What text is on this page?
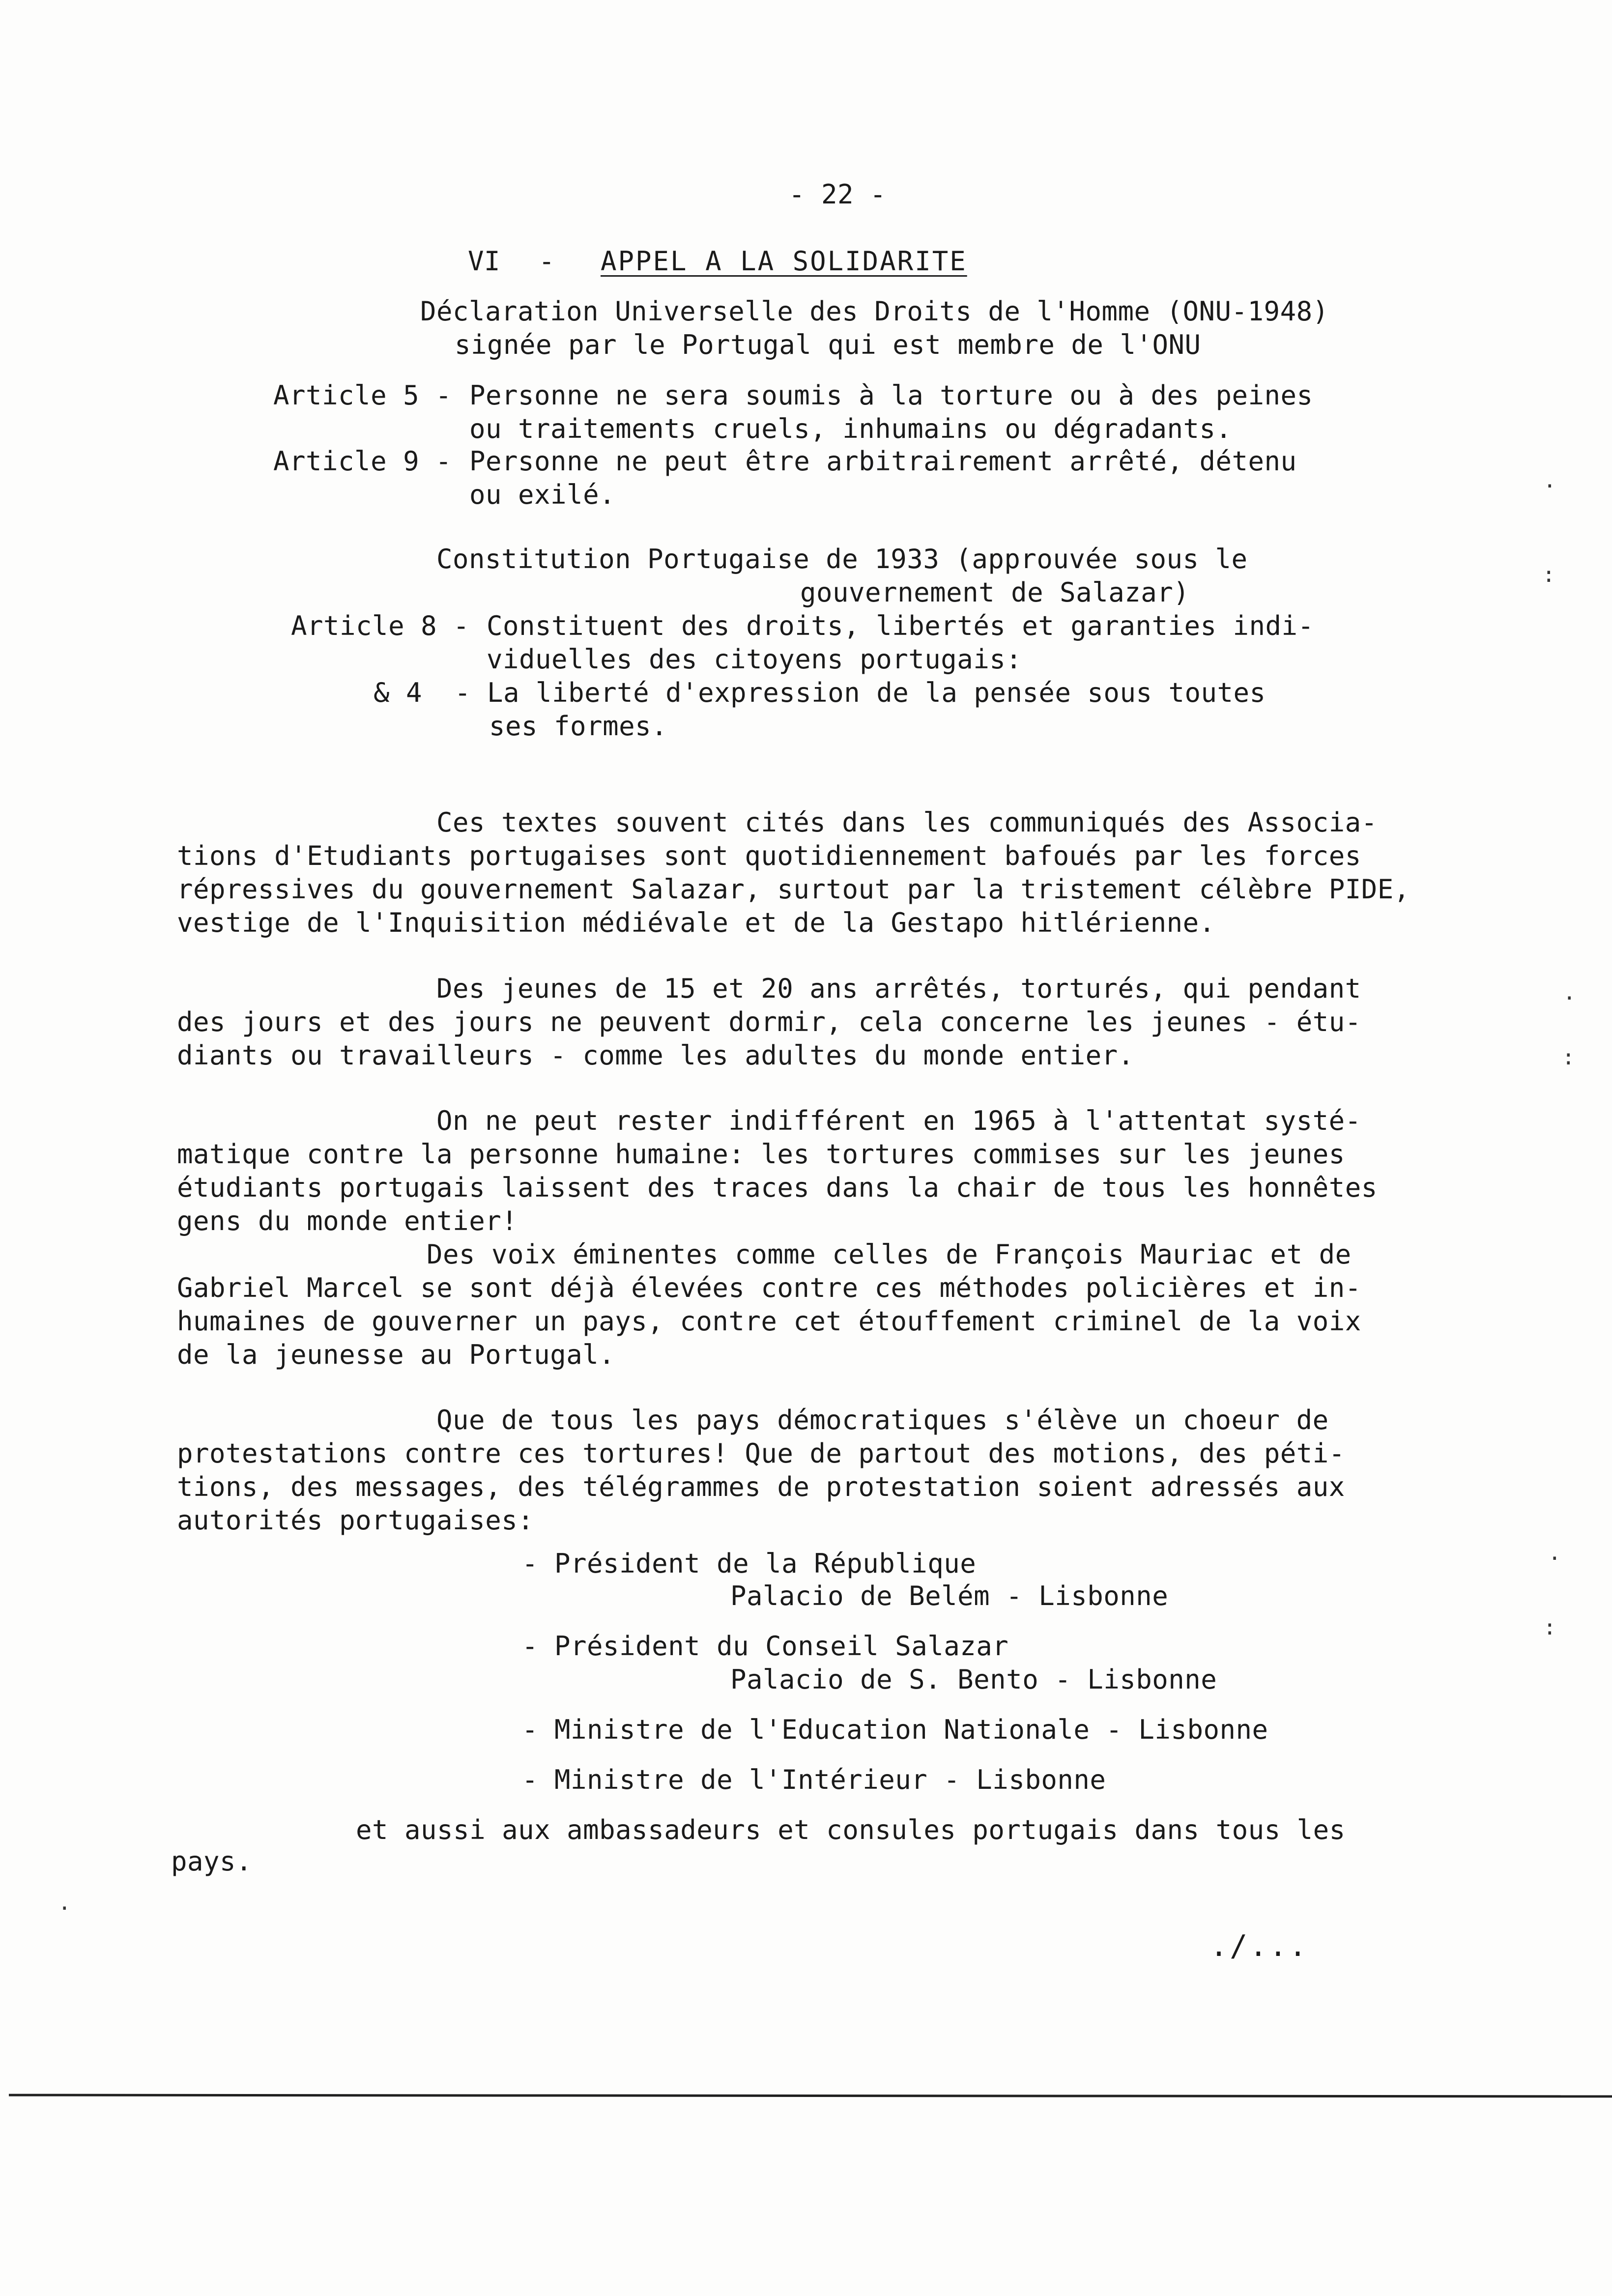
- 22 -
VI - APPEL A LA SOLIDARITE
Déclaration Universelle des Droits de l'Homme (ONU-1948)
signée par le Portugal qui est membre de l'ONU
Article 5 - Personne ne sera soumis à la torture ou à des peines
ou traitements cruels, inhumains ou dégradants.
Article 9 - Personne ne peut être arbitrairement arrêté, détenu
ou exilé.
Constitution Portugaise de 1933 (approuvée sous le
gouvernement de Salazar)
Article 8 - Constituent des droits, libertés et garanties indi-
viduelles des citoyens portugais:
& 4 - La liberté d'expression de la pensée sous toutes
ses formes.
Ces textes souvent cités dans les communiqués des Associa-
tions d'Etudiants portugaises sont quotidiennement bafoués par les forces
répressives du gouvernement Salazar, surtout par la tristement célèbre PIDE,
vestige de l'Inquisition médiévale et de la Gestapo hitlérienne.
Des jeunes de 15 et 20 ans arrêtés, torturés, qui pendant
des jours et des jours ne peuvent dormir, cela concerne les jeunes - étu-
diants ou travailleurs - comme les adultes du monde entier.
On ne peut rester indifférent en 1965 à l'attentat systé-
matique contre la personne humaine: les tortures commises sur les jeunes
étudiants portugais laissent des traces dans la chair de tous les honnêtes
gens du monde entier!
Des voix éminentes comme celles de François Mauriac et de
Gabriel Marcel se sont déjà élevées contre ces méthodes policières et in-
humaines de gouverner un pays, contre cet étouffement criminel de la voix
de la jeunesse au Portugal.
Que de tous les pays démocratiques s'élève un choeur de
protestations contre ces tortures! Que de partout des motions, des péti-
tions, des messages, des télégrammes de protestation soient adressés aux
autorités portugaises:
- Président de la République
Palacio de Belém - Lisbonne
- Président du Conseil Salazar
Palacio de S. Bento - Lisbonne
- Ministre de l'Education Nationale - Lisbonne
- Ministre de l'Intérieur - Lisbonne
et aussi aux ambassadeurs et consules portugais dans tous les
pays.
./...
·
:
·
:
·
:
·
